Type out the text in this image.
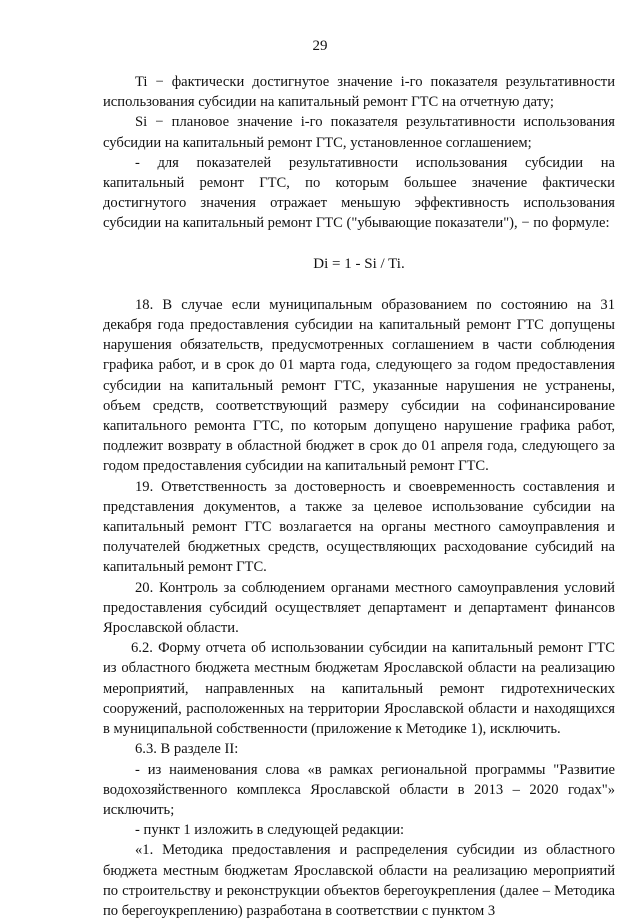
29

Ti − фактически достигнутое значение i-го показателя результативности использования субсидии на капитальный ремонт ГТС на отчетную дату;

Si − плановое значение i-го показателя результативности использования субсидии на капитальный ремонт ГТС, установленное соглашением;

- для показателей результативности использования субсидии на капитальный ремонт ГТС, по которым большее значение фактически достигнутого значения отражает меньшую эффективность использования субсидии на капитальный ремонт ГТС ("убывающие показатели"), − по формуле:

Di = 1 - Si / Ti.

18. В случае если муниципальным образованием по состоянию на 31 декабря года предоставления субсидии на капитальный ремонт ГТС допущены нарушения обязательств, предусмотренных соглашением в части соблюдения графика работ, и в срок до 01 марта года, следующего за годом предоставления субсидии на капитальный ремонт ГТС, указанные нарушения не устранены, объем средств, соответствующий размеру субсидии на софинансирование капитального ремонта ГТС, по которым допущено нарушение графика работ, подлежит возврату в областной бюджет в срок до 01 апреля года, следующего за годом предоставления субсидии на капитальный ремонт ГТС.

19. Ответственность за достоверность и своевременность составления и представления документов, а также за целевое использование субсидии на капитальный ремонт ГТС возлагается на органы местного самоуправления и получателей бюджетных средств, осуществляющих расходование субсидий на капитальный ремонт ГТС.

20. Контроль за соблюдением органами местного самоуправления условий предоставления субсидий осуществляет департамент и департамент финансов Ярославской области.

6.2. Форму отчета об использовании субсидии на капитальный ремонт ГТС из областного бюджета местным бюджетам Ярославской области на реализацию мероприятий, направленных на капитальный ремонт гидротехнических сооружений, расположенных на территории Ярославской области и находящихся в муниципальной собственности (приложение к Методике 1), исключить.

6.3. В разделе II:

- из наименования слова «в рамках региональной программы "Развитие водохозяйственного комплекса Ярославской области в 2013 – 2020 годах"» исключить;

- пункт 1 изложить в следующей редакции:

«1. Методика предоставления и распределения субсидии из областного бюджета местным бюджетам Ярославской области на реализацию мероприятий по строительству и реконструкции объектов берегоукрепления (далее – Методика по берегоукреплению) разработана в соответствии с пунктом 3
